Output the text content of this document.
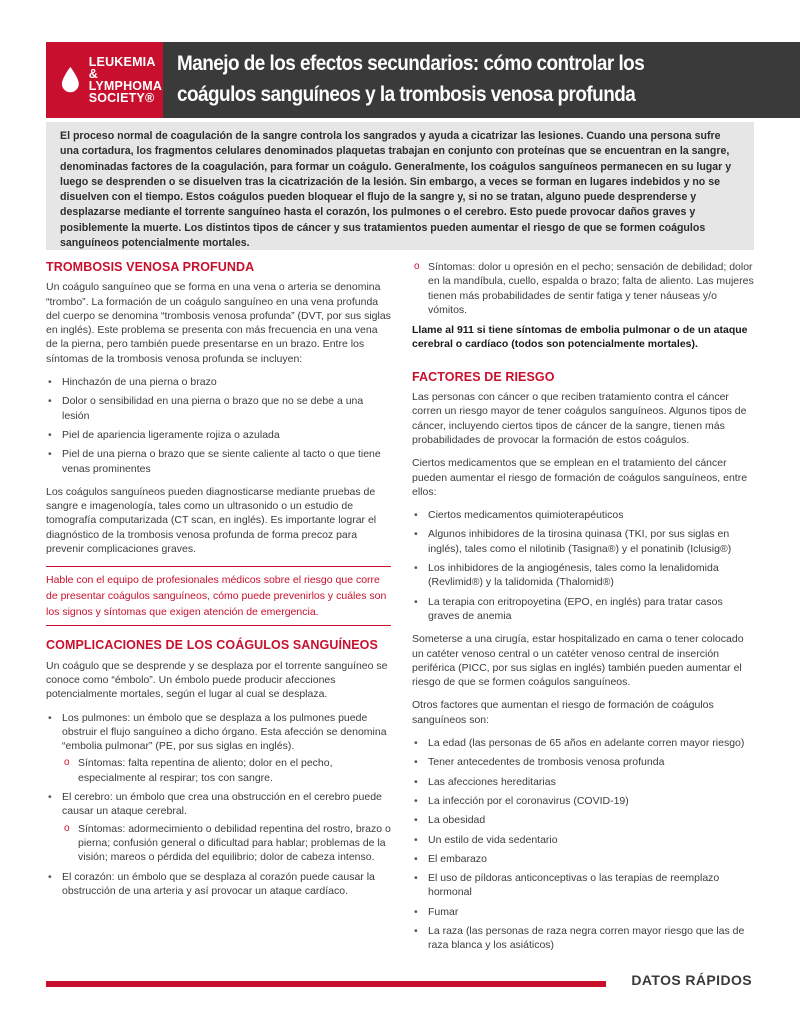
LEUKEMIA &
LYMPHOMA
SOCIETY®
Manejo de los efectos secundarios: cómo controlar los coágulos sanguíneos y la trombosis venosa profunda

El proceso normal de coagulación de la sangre controla los sangrados y ayuda a cicatrizar las lesiones. Cuando una persona sufre una cortadura, los fragmentos celulares denominados plaquetas trabajan en conjunto con proteínas que se encuentran en la sangre, denominadas factores de la coagulación, para formar un coágulo. Generalmente, los coágulos sanguíneos permanecen en su lugar y luego se desprenden o se disuelven tras la cicatrización de la lesión. Sin embargo, a veces se forman en lugares indebidos y no se disuelven con el tiempo. Estos coágulos pueden bloquear el flujo de la sangre y, si no se tratan, alguno puede desprenderse y desplazarse mediante el torrente sanguíneo hasta el corazón, los pulmones o el cerebro. Esto puede provocar daños graves y posiblemente la muerte. Los distintos tipos de cáncer y sus tratamientos pueden aumentar el riesgo de que se formen coágulos sanguíneos potencialmente mortales.

TROMBOSIS VENOSA PROFUNDA

Un coágulo sanguíneo que se forma en una vena o arteria se denomina “trombo”. La formación de un coágulo sanguíneo en una vena profunda del cuerpo se denomina “trombosis venosa profunda” (DVT, por sus siglas en inglés). Este problema se presenta con más frecuencia en una vena de la pierna, pero también puede presentarse en un brazo. Entre los síntomas de la trombosis venosa profunda se incluyen:

• Hinchazón de una pierna o brazo
• Dolor o sensibilidad en una pierna o brazo que no se debe a una lesión
• Piel de apariencia ligeramente rojiza o azulada
• Piel de una pierna o brazo que se siente caliente al tacto o que tiene venas prominentes

Los coágulos sanguíneos pueden diagnosticarse mediante pruebas de sangre e imagenología, tales como un ultrasonido o un estudio de tomografía computarizada (CT scan, en inglés). Es importante lograr el diagnóstico de la trombosis venosa profunda de forma precoz para prevenir complicaciones graves.

Hable con el equipo de profesionales médicos sobre el riesgo que corre de presentar coágulos sanguíneos, cómo puede prevenirlos y cuáles son los signos y síntomas que exigen atención de emergencia.
COMPLICACIONES DE LOS COÁGULOS SANGUÍNEOS

Un coágulo que se desprende y se desplaza por el torrente sanguíneo se conoce como “émbolo”. Un émbolo puede producir afecciones potencialmente mortales, según el lugar al cual se desplaza.

• Los pulmones: un émbolo que se desplaza a los pulmones puede obstruir el flujo sanguíneo a dicho órgano. Esta afección se denomina “embolia pulmonar” (PE, por sus siglas en inglés).
o Síntomas: falta repentina de aliento; dolor en el pecho, especialmente al respirar; tos con sangre.
• El cerebro: un émbolo que crea una obstrucción en el cerebro puede causar un ataque cerebral.
o Síntomas: adormecimiento o debilidad repentina del rostro, brazo o pierna; confusión general o dificultad para hablar; problemas de la visión; mareos o pérdida del equilibrio; dolor de cabeza intenso.
• El corazón: un émbolo que se desplaza al corazón puede causar la obstrucción de una arteria y así provocar un ataque cardíaco.
o Síntomas: dolor u opresión en el pecho; sensación de debilidad; dolor en la mandíbula, cuello, espalda o brazo; falta de aliento. Las mujeres tienen más probabilidades de sentir fatiga y tener náuseas y/o vómitos.

Llame al 911 si tiene síntomas de embolia pulmonar o de un ataque cerebral o cardíaco (todos son potencialmente mortales).

FACTORES DE RIESGO

Las personas con cáncer o que reciben tratamiento contra el cáncer corren un riesgo mayor de tener coágulos sanguíneos. Algunos tipos de cáncer, incluyendo ciertos tipos de cáncer de la sangre, tienen más probabilidades de provocar la formación de estos coágulos.

Ciertos medicamentos que se emplean en el tratamiento del cáncer pueden aumentar el riesgo de formación de coágulos sanguíneos, entre ellos:

• Ciertos medicamentos quimioterapéuticos
• Algunos inhibidores de la tirosina quinasa (TKI, por sus siglas en inglés), tales como el nilotinib (Tasigna®) y el ponatinib (Iclusig®)
• Los inhibidores de la angiogénesis, tales como la lenalidomida (Revlimid®) y la talidomida (Thalomid®)
• La terapia con eritropoyetina (EPO, en inglés) para tratar casos graves de anemia

Someterse a una cirugía, estar hospitalizado en cama o tener colocado un catéter venoso central o un catéter venoso central de inserción periférica (PICC, por sus siglas en inglés) también pueden aumentar el riesgo de que se formen coágulos sanguíneos.

Otros factores que aumentan el riesgo de formación de coágulos sanguíneos son:

• La edad (las personas de 65 años en adelante corren mayor riesgo)
• Tener antecedentes de trombosis venosa profunda
• Las afecciones hereditarias
• La infección por el coronavirus (COVID-19)
• La obesidad
• Un estilo de vida sedentario
• El embarazo
• El uso de píldoras anticonceptivas o las terapias de reemplazo hormonal
• Fumar
• La raza (las personas de raza negra corren mayor riesgo que las de raza blanca y los asiáticos)
DATOS RÁPIDOS
